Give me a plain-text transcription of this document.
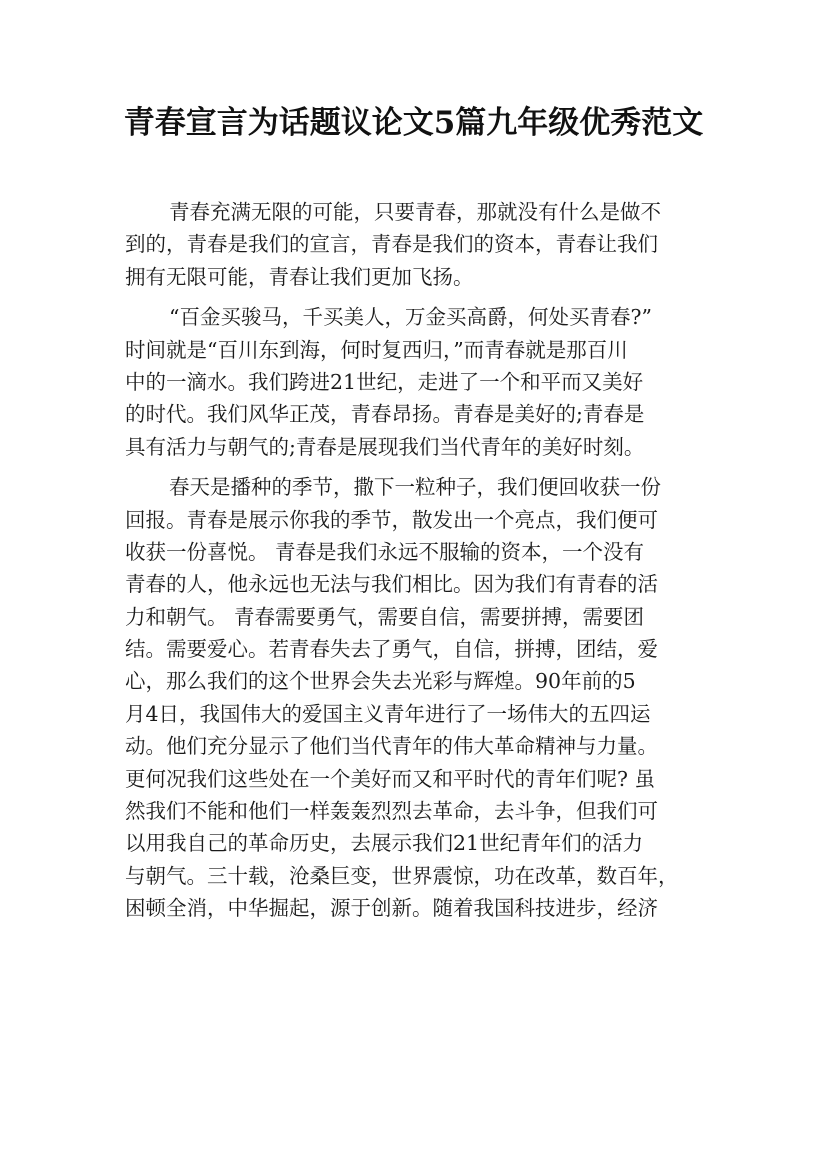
青春宣言为话题议论文5篇九年级优秀范文
青春充满无限的可能，只要青春，那就没有什么是做不
到的，青春是我们的宣言，青春是我们的资本，青春让我们
拥有无限可能，青春让我们更加飞扬。
“百金买骏马，千买美人，万金买高爵，何处买青春?”
时间就是“百川东到海，何时复西归，”而青春就是那百川
中的一滴水。我们跨进21世纪，走进了一个和平而又美好
的时代。我们风华正茂，青春昂扬。青春是美好的;青春是
具有活力与朝气的;青春是展现我们当代青年的美好时刻。
春天是播种的季节，撒下一粒种子，我们便回收获一份
回报。青春是展示你我的季节，散发出一个亮点，我们便可
收获一份喜悦。 青春是我们永远不服输的资本，一个没有
青春的人，他永远也无法与我们相比。因为我们有青春的活
力和朝气。 青春需要勇气，需要自信，需要拼搏，需要团
结。需要爱心。若青春失去了勇气，自信，拼搏，团结，爱
心，那么我们的这个世界会失去光彩与辉煌。90年前的5
月4日，我国伟大的爱国主义青年进行了一场伟大的五四运
动。他们充分显示了他们当代青年的伟大革命精神与力量。
更何况我们这些处在一个美好而又和平时代的青年们呢? 虽
然我们不能和他们一样轰轰烈烈去革命，去斗争，但我们可
以用我自己的革命历史，去展示我们21世纪青年们的活力
与朝气。三十载，沧桑巨变，世界震惊，功在改革，数百年，
困顿全消，中华掘起，源于创新。随着我国科技进步，经济
